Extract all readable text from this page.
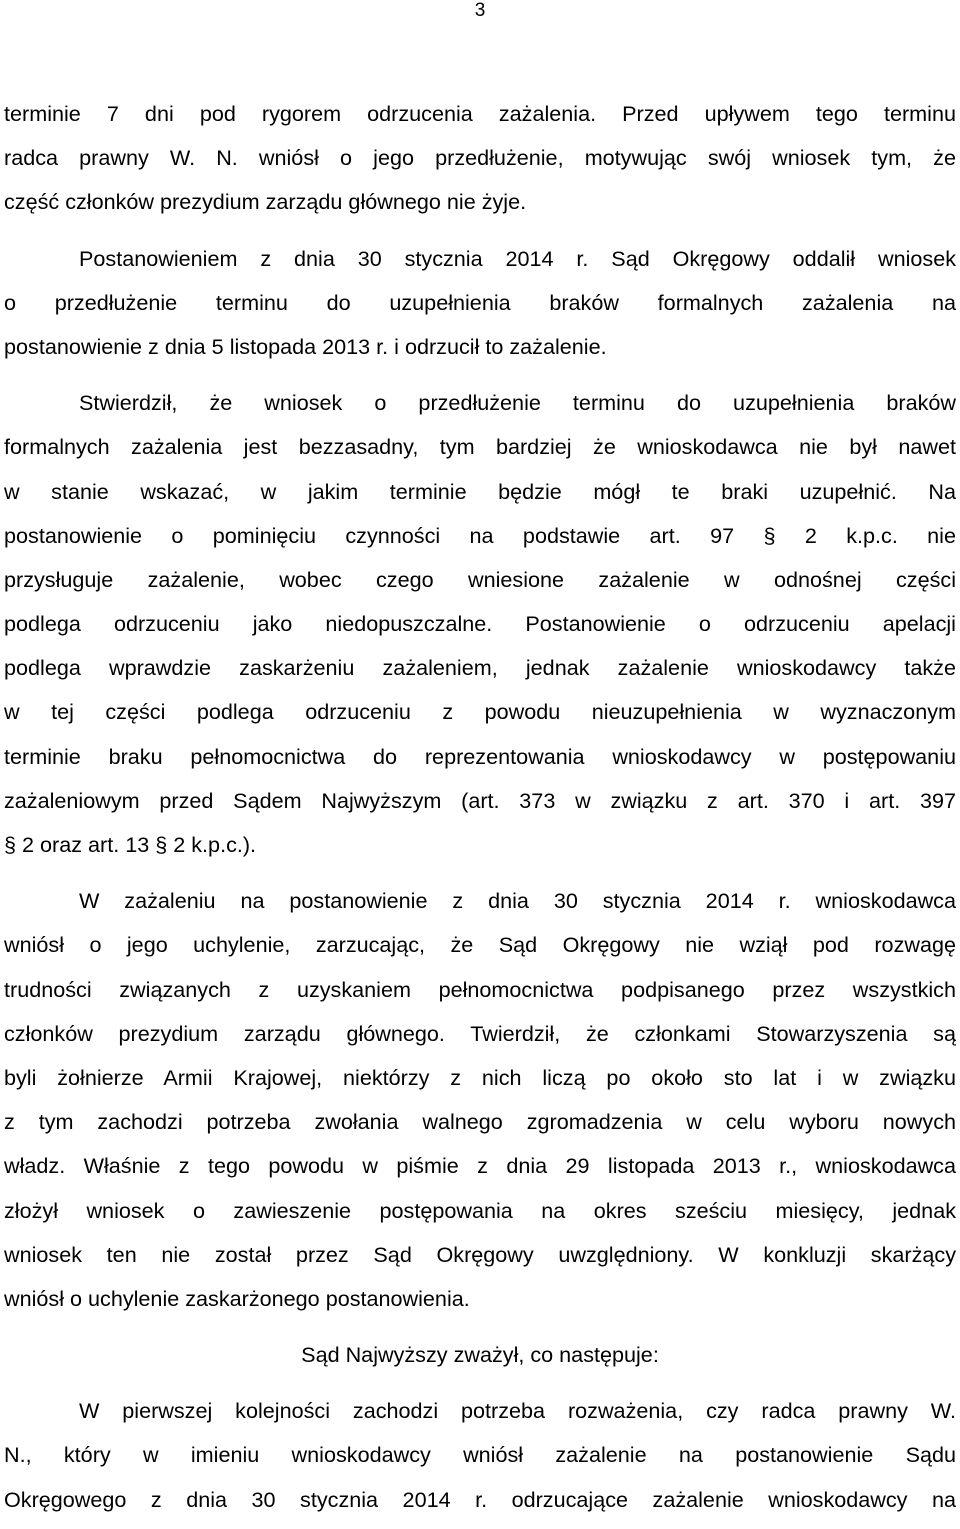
3
terminie 7 dni pod rygorem odrzucenia zażalenia. Przed upływem tego terminu
radca prawny W. N. wniósł o jego przedłużenie, motywując swój wniosek tym, że
część członków prezydium zarządu głównego nie żyje.
Postanowieniem z dnia 30 stycznia 2014 r. Sąd Okręgowy oddalił wniosek
o przedłużenie terminu do uzupełnienia braków formalnych zażalenia na
postanowienie z dnia 5 listopada 2013 r. i odrzucił to zażalenie.
Stwierdził, że wniosek o przedłużenie terminu do uzupełnienia braków
formalnych zażalenia jest bezzasadny, tym bardziej że wnioskodawca nie był nawet
w stanie wskazać, w jakim terminie będzie mógł te braki uzupełnić. Na
postanowienie o pominięciu czynności na podstawie art. 97 § 2 k.p.c. nie
przysługuje zażalenie, wobec czego wniesione zażalenie w odnośnej części
podlega odrzuceniu jako niedopuszczalne. Postanowienie o odrzuceniu apelacji
podlega wprawdzie zaskarżeniu zażaleniem, jednak zażalenie wnioskodawcy także
w tej części podlega odrzuceniu z powodu nieuzupełnienia w wyznaczonym
terminie braku pełnomocnictwa do reprezentowania wnioskodawcy w postępowaniu
zażaleniowym przed Sądem Najwyższym (art. 373 w związku z art. 370 i art. 397
§ 2 oraz art. 13 § 2 k.p.c.).
W zażaleniu na postanowienie z dnia 30 stycznia 2014 r. wnioskodawca
wniósł o jego uchylenie, zarzucając, że Sąd Okręgowy nie wziął pod rozwagę
trudności związanych z uzyskaniem pełnomocnictwa podpisanego przez wszystkich
członków prezydium zarządu głównego. Twierdził, że członkami Stowarzyszenia są
byli żołnierze Armii Krajowej, niektórzy z nich liczą po około sto lat i w związku
z tym zachodzi potrzeba zwołania walnego zgromadzenia w celu wyboru nowych
władz. Właśnie z tego powodu w piśmie z dnia 29 listopada 2013 r., wnioskodawca
złożył wniosek o zawieszenie postępowania na okres sześciu miesięcy, jednak
wniosek ten nie został przez Sąd Okręgowy uwzględniony. W konkluzji skarżący
wniósł o uchylenie zaskarżonego postanowienia.
Sąd Najwyższy zważył, co następuje:
W pierwszej kolejności zachodzi potrzeba rozważenia, czy radca prawny W.
N., który w imieniu wnioskodawcy wniósł zażalenie na postanowienie Sądu
Okręgowego z dnia 30 stycznia 2014 r. odrzucające zażalenie wnioskodawcy na
